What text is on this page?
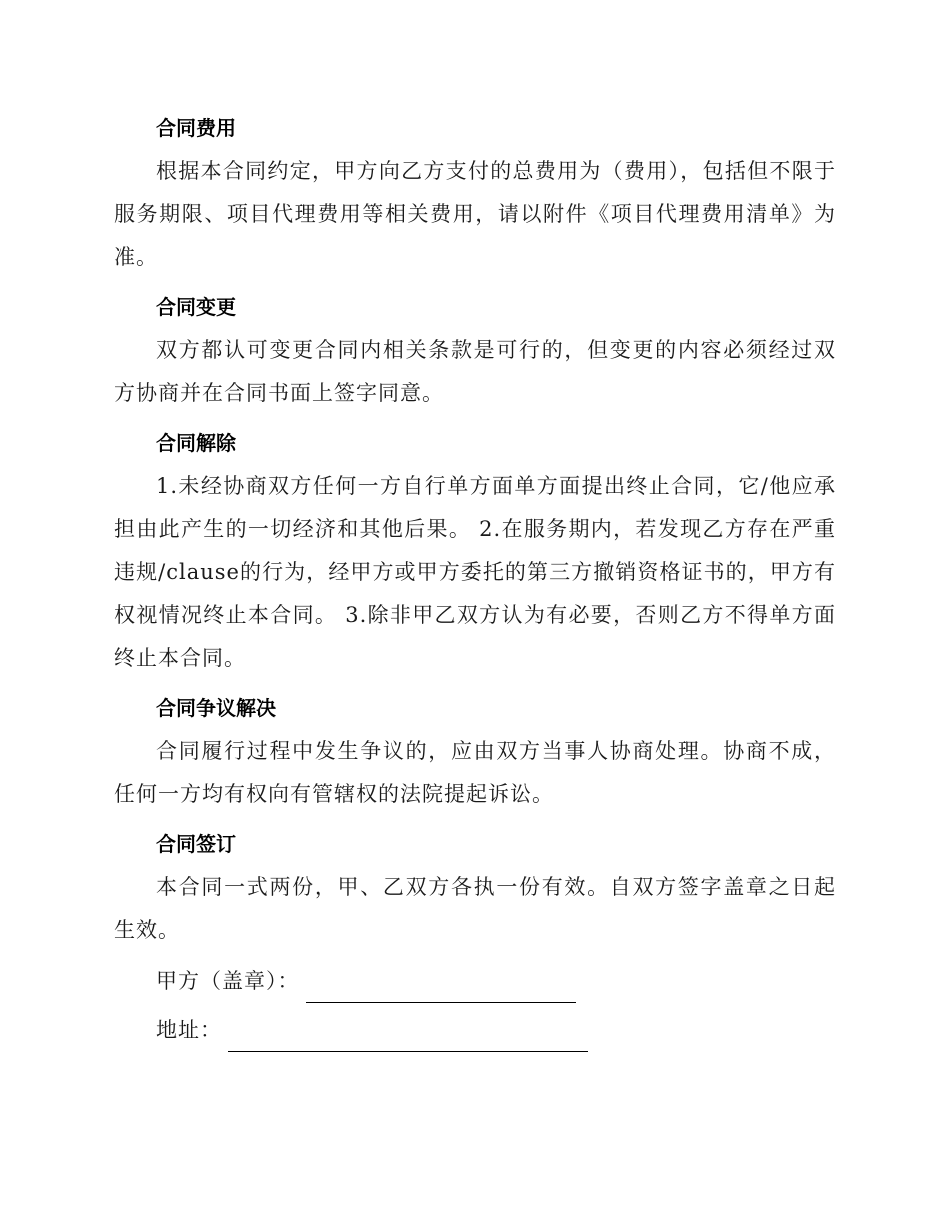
合同费用

根据本合同约定，甲方向乙方支付的总费用为（费用），包括但不限于服务期限、项目代理费用等相关费用，请以附件《项目代理费用清单》为准。

合同变更

双方都认可变更合同内相关条款是可行的，但变更的内容必须经过双方协商并在合同书面上签字同意。

合同解除

1.未经协商双方任何一方自行单方面单方面提出终止合同，它/他应承担由此产生的一切经济和其他后果。 2.在服务期内，若发现乙方存在严重违规/clause的行为，经甲方或甲方委托的第三方撤销资格证书的，甲方有权视情况终止本合同。 3.除非甲乙双方认为有必要，否则乙方不得单方面终止本合同。

合同争议解决

合同履行过程中发生争议的，应由双方当事人协商处理。协商不成，任何一方均有权向有管辖权的法院提起诉讼。

合同签订

本合同一式两份，甲、乙双方各执一份有效。自双方签字盖章之日起生效。

甲方（盖章）：
地址：
